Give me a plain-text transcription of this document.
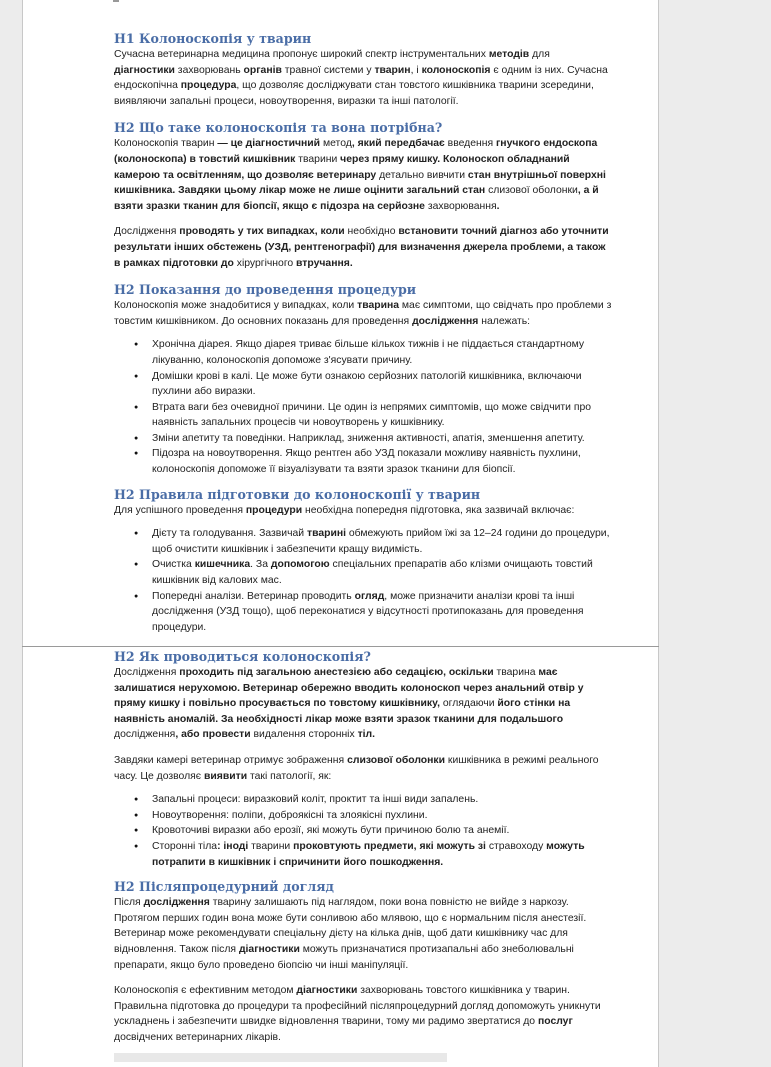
H1 Колоноскопія у тварин

Сучасна ветеринарна медицина пропонує широкий спектр інструментальних методів для діагностики захворювань органів травної системи у тварин, і колоноскопія є одним із них. Сучасна ендоскопічна процедура, що дозволяє досліджувати стан товстого кишківника тварини зсередини, виявляючи запальні процеси, новоутворення, виразки та інші патології.

H2 Що таке колоноскопія та вона потрібна?

Колоноскопія тварин — це діагностичний метод, який передбачає введення гнучкого ендоскопа (колоноскопа) в товстий кишківник тварини через пряму кишку. Колоноскоп обладнаний камерою та освітленням, що дозволяє ветеринару детально вивчити стан внутрішньої поверхні кишківника. Завдяки цьому лікар може не лише оцінити загальний стан слизової оболонки, а й взяти зразки тканин для біопсії, якщо є підозра на серйозне захворювання.

Дослідження проводять у тих випадках, коли необхідно встановити точний діагноз або уточнити результати інших обстежень (УЗД, рентгенографії) для визначення джерела проблеми, а також в рамках підготовки до хірургічного втручання.

H2 Показання до проведення процедури

Колоноскопія може знадобитися у випадках, коли тварина має симптоми, що свідчать про проблеми з товстим кишківником. До основних показань для проведення дослідження належать:

● Хронічна діарея. Якщо діарея триває більше кількох тижнів і не піддається стандартному лікуванню, колоноскопія допоможе з'ясувати причину.
● Домішки крові в калі. Це може бути ознакою серйозних патологій кишківника, включаючи пухлини або виразки.
● Втрата ваги без очевидної причини. Це один із непрямих симптомів, що може свідчити про наявність запальних процесів чи новоутворень у кишківнику.
● Зміни апетиту та поведінки. Наприклад, зниження активності, апатія, зменшення апетиту.
● Підозра на новоутворення. Якщо рентген або УЗД показали можливу наявність пухлини, колоноскопія допоможе її візуалізувати та взяти зразок тканини для біопсії.
H2 Правила підготовки до колоноскопії у тварин

Для успішного проведення процедури необхідна попередня підготовка, яка зазвичай включає:

● Дієту та голодування. Зазвичай тварині обмежують прийом їжі за 12–24 години до процедури, щоб очистити кишківник і забезпечити кращу видимість.
● Очистка кишечника. За допомогою спеціальних препаратів або клізми очищають товстий кишківник від калових мас.
● Попередні аналізи. Ветеринар проводить огляд, може призначити аналізи крові та інші дослідження (УЗД тощо), щоб переконатися у відсутності протипоказань для проведення процедури.
H2 Як проводиться колоноскопія?

Дослідження проходить під загальною анестезією або седацією, оскільки тварина має залишатися нерухомою. Ветеринар обережно вводить колоноскоп через анальний отвір у пряму кишку і повільно просувається по товстому кишківнику, оглядаючи його стінки на наявність аномалій. За необхідності лікар може взяти зразок тканини для подальшого дослідження, або провести видалення сторонніх тіл.

Завдяки камері ветеринар отримує зображення слизової оболонки кишківника в режимі реального часу. Це дозволяє виявити такі патології, як:

● Запальні процеси: виразковий коліт, проктит та інші види запалень.
● Новоутворення: поліпи, доброякісні та злоякісні пухлини.
● Кровоточиві виразки або ерозії, які можуть бути причиною болю та анемії.
● Сторонні тіла: іноді тварини проковтують предмети, які можуть зі стравоходу можуть потрапити в кишківник і спричинити його пошкодження.
H2 Післяпроцедурний догляд

Після дослідження тварину залишають під наглядом, поки вона повністю не вийде з наркозу. Протягом перших годин вона може бути сонливою або млявою, що є нормальним після анестезії. Ветеринар може рекомендувати спеціальну дієту на кілька днів, щоб дати кишківнику час для відновлення. Також після діагностики можуть призначатися протизапальні або знеболювальні препарати, якщо було проведено біопсію чи інші маніпуляції.

Колоноскопія є ефективним методом діагностики захворювань товстого кишківника у тварин. Правильна підготовка до процедури та професійний післяпроцедурний догляд допоможуть уникнути ускладнень і забезпечити швидке відновлення тварини, тому ми радимо звертатися до послуг досвідчених ветеринарних лікарів.
